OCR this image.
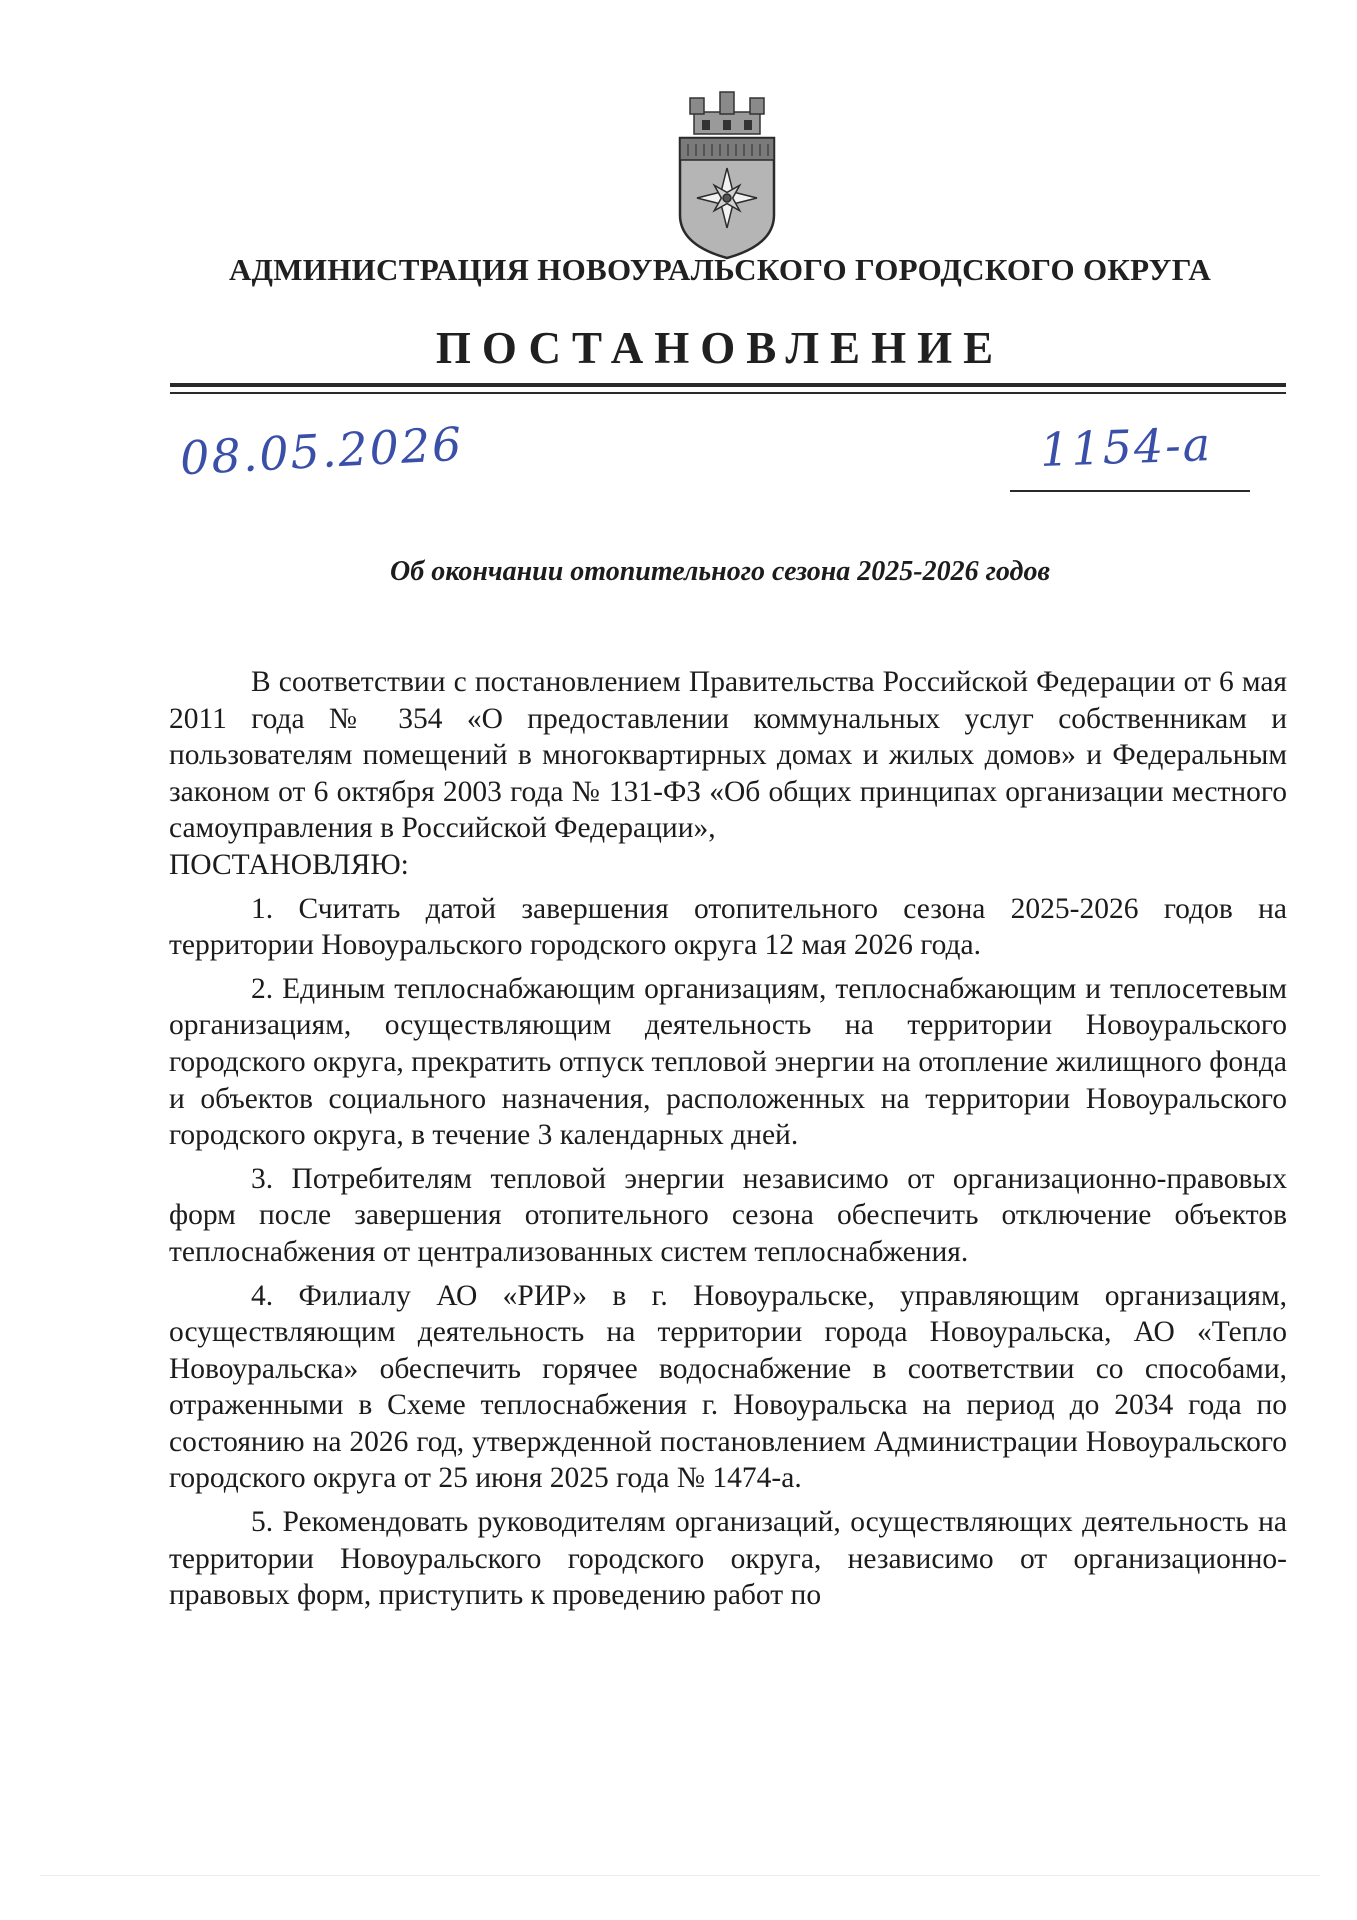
АДМИНИСТРАЦИЯ НОВОУРАЛЬСКОГО ГОРОДСКОГО ОКРУГА
ПОСТАНОВЛЕНИЕ
08.05.2026	1154-а
Об окончании отопительного сезона 2025-2026 годов

В соответствии с постановлением Правительства Российской Федерации от 6 мая 2011 года № 354 «О предоставлении коммунальных услуг собственникам и пользователям помещений в многоквартирных домах и жилых домов» и Федеральным законом от 6 октября 2003 года № 131-ФЗ «Об общих принципах организации местного самоуправления в Российской Федерации»,

ПОСТАНОВЛЯЮ:

1. Считать датой завершения отопительного сезона 2025-2026 годов на территории Новоуральского городского округа 12 мая 2026 года.

2. Единым теплоснабжающим организациям, теплоснабжающим и теплосетевым организациям, осуществляющим деятельность на территории Новоуральского городского округа, прекратить отпуск тепловой энергии на отопление жилищного фонда и объектов социального назначения, расположенных на территории Новоуральского городского округа, в течение 3 календарных дней.

3. Потребителям тепловой энергии независимо от организационно-правовых форм после завершения отопительного сезона обеспечить отключение объектов теплоснабжения от централизованных систем теплоснабжения.

4. Филиалу АО «РИР» в г. Новоуральске, управляющим организациям, осуществляющим деятельность на территории города Новоуральска, АО «Тепло Новоуральска» обеспечить горячее водоснабжение в соответствии со способами, отраженными в Схеме теплоснабжения г. Новоуральска на период до 2034 года по состоянию на 2026 год, утвержденной постановлением Администрации Новоуральского городского округа от 25 июня 2025 года № 1474-а.

5. Рекомендовать руководителям организаций, осуществляющих деятельность на территории Новоуральского городского округа, независимо от организационно-правовых форм, приступить к проведению работ по
